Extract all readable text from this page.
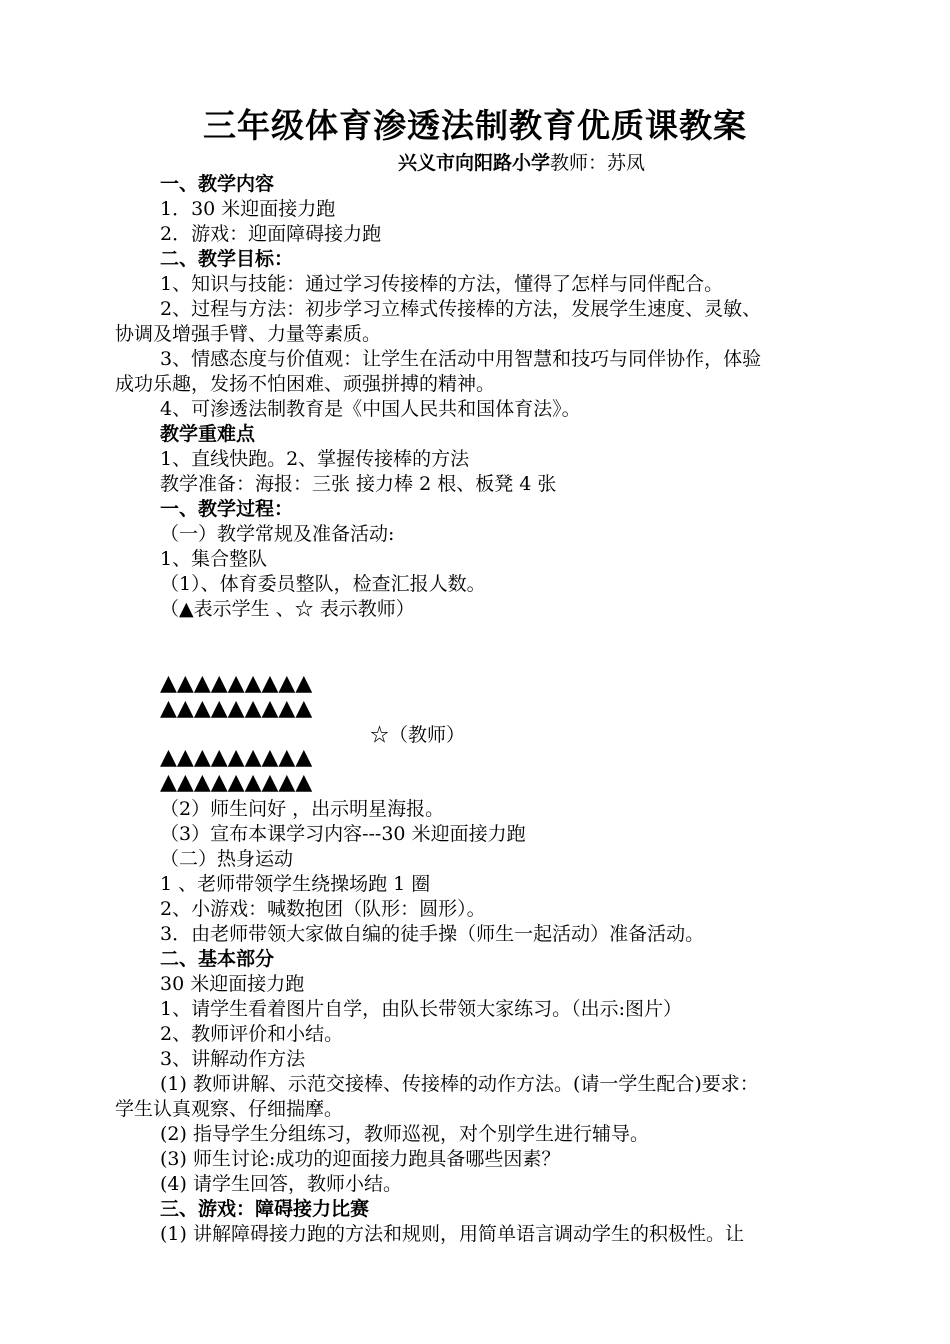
三年级体育渗透法制教育优质课教案
兴义市向阳路小学教师：苏凤
一、教学内容
1．30 米迎面接力跑
2．游戏：迎面障碍接力跑
二、教学目标：
1、知识与技能：通过学习传接棒的方法，懂得了怎样与同伴配合。
2、过程与方法：初步学习立棒式传接棒的方法，发展学生速度、灵敏、
协调及增强手臂、力量等素质。
3、情感态度与价值观：让学生在活动中用智慧和技巧与同伴协作，体验
成功乐趣，发扬不怕困难、顽强拼搏的精神。
4、可渗透法制教育是《中国人民共和国体育法》。
教学重难点
1、直线快跑。2、掌握传接棒的方法
教学准备：海报：三张 接力棒 2 根、板凳 4 张
一、教学过程：
（一）教学常规及准备活动:
1、集合整队
（1）、体育委员整队，检查汇报人数。
（▲表示学生 、☆ 表示教师）
▲▲▲▲▲▲▲▲▲
▲▲▲▲▲▲▲▲▲
☆（教师）
▲▲▲▲▲▲▲▲▲
▲▲▲▲▲▲▲▲▲
（2）师生问好 ，出示明星海报。
（3）宣布本课学习内容---30 米迎面接力跑
（二）热身运动
1 、老师带领学生绕操场跑 1 圈
2、小游戏：喊数抱团（队形：圆形）。
3．由老师带领大家做自编的徒手操（师生一起活动）准备活动。
二、基本部分
30 米迎面接力跑
1、请学生看着图片自学，由队长带领大家练习。（出示:图片）
2、教师评价和小结。
3、讲解动作方法
(1) 教师讲解、示范交接棒、传接棒的动作方法。(请一学生配合)要求：
学生认真观察、仔细揣摩。
(2) 指导学生分组练习，教师巡视，对个别学生进行辅导。
(3) 师生讨论:成功的迎面接力跑具备哪些因素？
(4) 请学生回答，教师小结。
三、游戏：障碍接力比赛
(1) 讲解障碍接力跑的方法和规则，用简单语言调动学生的积极性。让
